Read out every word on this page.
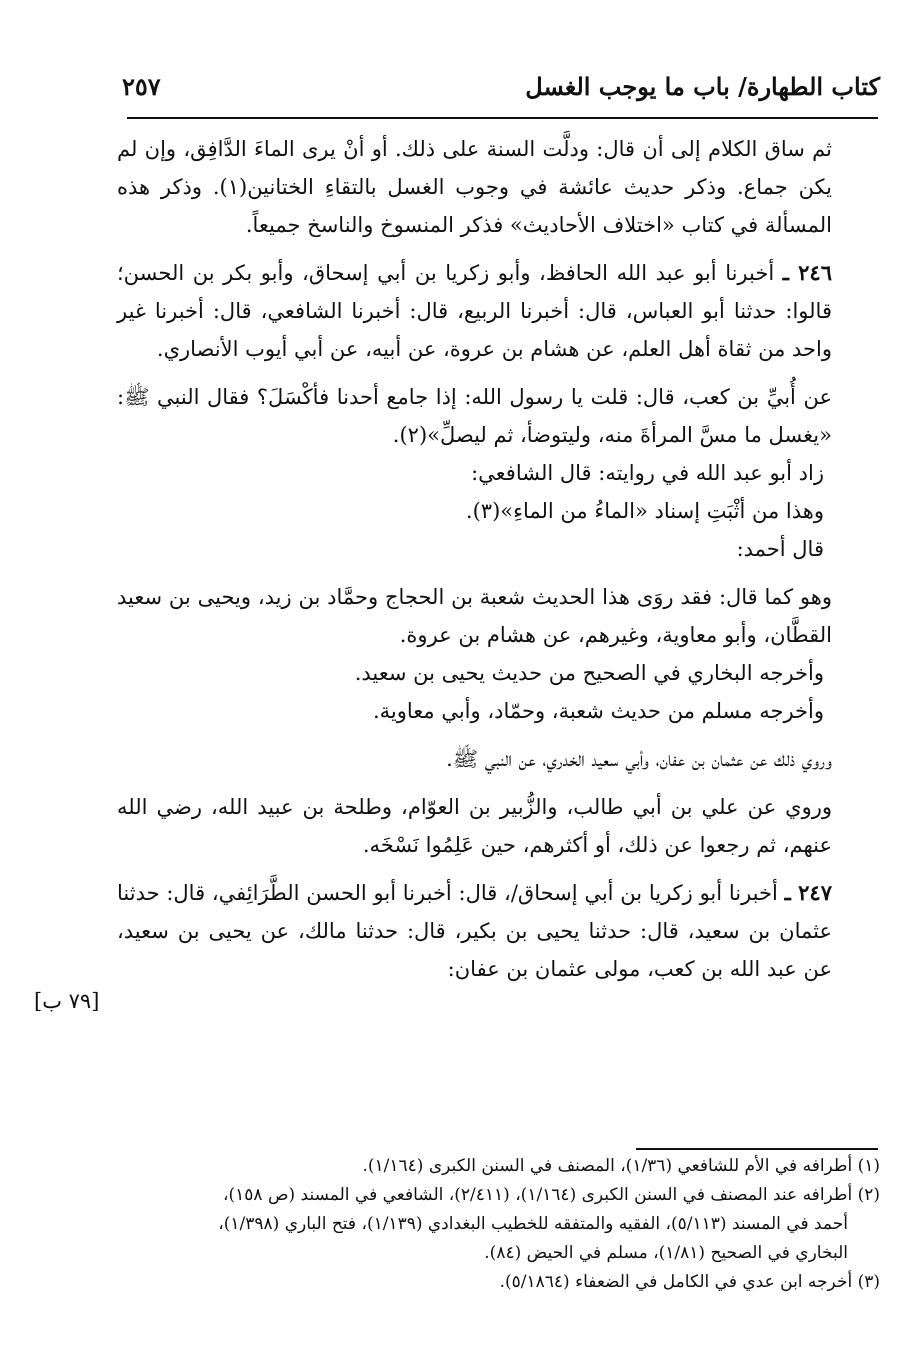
كتاب الطهارة/ باب ما يوجب الغسل
٢٥٧

ثم ساق الكلام إلى أن قال: ودلَّت السنة على ذلك. أو أنْ يرى الماءَ الدَّافِق، وإن لم يكن جماع. وذكر حديث عائشة في وجوب الغسل بالتقاءِ الختانين(١). وذكر هذه المسألة في كتاب «اختلاف الأحاديث» فذكر المنسوخ والناسخ جميعاً.

٢٤٦ ـ أخبرنا أبو عبد الله الحافظ، وأبو زكريا بن أبي إسحاق، وأبو بكر بن الحسن؛ قالوا: حدثنا أبو العباس، قال: أخبرنا الربيع، قال: أخبرنا الشافعي، قال: أخبرنا غير واحد من ثقاة أهل العلم، عن هشام بن عروة، عن أبيه، عن أبي أيوب الأنصاري.

عن أُبيِّ بن كعب، قال: قلت يا رسول الله: إذا جامع أحدنا فأكْسَلَ؟ فقال النبي ﷺ: «يغسل ما مسَّ المرأةَ منه، وليتوضأ، ثم ليصلِّ»(٢).

زاد أبو عبد الله في روايته: قال الشافعي:

وهذا من أثْبَتِ إسناد «الماءُ من الماءِ»(٣).

قال أحمد:

وهو كما قال: فقد روَى هذا الحديث شعبة بن الحجاج وحمَّاد بن زيد، ويحيى بن سعيد القطَّان، وأبو معاوية، وغيرهم، عن هشام بن عروة.

وأخرجه البخاري في الصحيح من حديث يحيى بن سعيد.

وأخرجه مسلم من حديث شعبة، وحمّاد، وأبي معاوية.

وروي ذلك عن عثمان بن عفان، وأبي سعيد الخدري، عن النبي ﷺ.

وروي عن علي بن أبي طالب، والزُّبير بن العوّام، وطلحة بن عبيد الله، رضي الله عنهم، ثم رجعوا عن ذلك، أو أكثرهم، حين عَلِمُوا نَسْخَه.

٢٤٧ ـ أخبرنا أبو زكريا بن أبي إسحاق/، قال: أخبرنا أبو الحسن الطَّرَائِفي، قال: حدثنا عثمان بن سعيد، قال: حدثنا يحيى بن بكير، قال: حدثنا مالك، عن يحيى بن سعيد، عن عبد الله بن كعب، مولى عثمان بن عفان:

[٧٩ ب]

(١) أطرافه في الأم للشافعي (١/٣٦)، المصنف في السنن الكبرى (١/١٦٤).

(٢) أطرافه عند المصنف في السنن الكبرى (١/١٦٤)، (٢/٤١١)، الشافعي في المسند (ص ١٥٨)،

أحمد في المسند (٥/١١٣)، الفقيه والمتفقه للخطيب البغدادي (١/١٣٩)، فتح الباري (١/٣٩٨)،

البخاري في الصحيح (١/٨١)، مسلم في الحيض (٨٤).

(٣) أخرجه ابن عدي في الكامل في الضعفاء (٥/١٨٦٤).
